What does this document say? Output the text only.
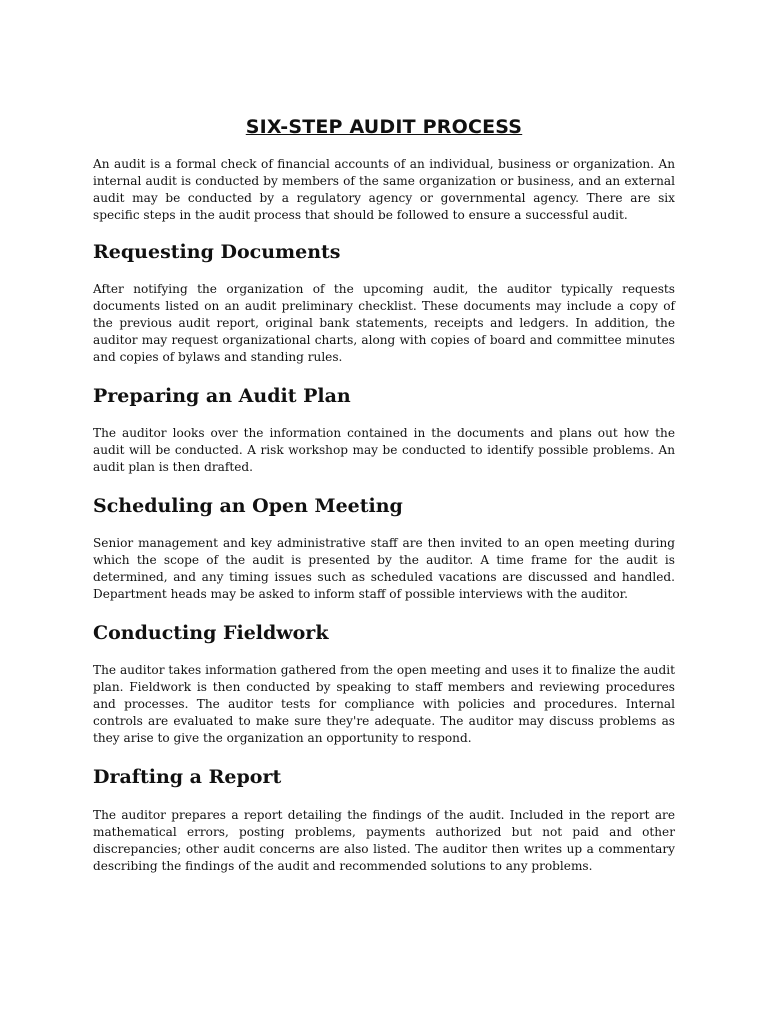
SIX-STEP AUDIT PROCESS

An audit is a formal check of financial accounts of an individual, business or organization. An internal audit is conducted by members of the same organization or business, and an external audit may be conducted by a regulatory agency or governmental agency. There are six specific steps in the audit process that should be followed to ensure a successful audit.

Requesting Documents

After notifying the organization of the upcoming audit, the auditor typically requests documents listed on an audit preliminary checklist. These documents may include a copy of the previous audit report, original bank statements, receipts and ledgers. In addition, the auditor may request organizational charts, along with copies of board and committee minutes and copies of bylaws and standing rules.

Preparing an Audit Plan

The auditor looks over the information contained in the documents and plans out how the audit will be conducted. A risk workshop may be conducted to identify possible problems. An audit plan is then drafted.

Scheduling an Open Meeting

Senior management and key administrative staff are then invited to an open meeting during which the scope of the audit is presented by the auditor. A time frame for the audit is determined, and any timing issues such as scheduled vacations are discussed and handled. Department heads may be asked to inform staff of possible interviews with the auditor.

Conducting Fieldwork

The auditor takes information gathered from the open meeting and uses it to finalize the audit plan. Fieldwork is then conducted by speaking to staff members and reviewing procedures and processes. The auditor tests for compliance with policies and procedures. Internal controls are evaluated to make sure they're adequate. The auditor may discuss problems as they arise to give the organization an opportunity to respond.

Drafting a Report

The auditor prepares a report detailing the findings of the audit. Included in the report are mathematical errors, posting problems, payments authorized but not paid and other discrepancies; other audit concerns are also listed. The auditor then writes up a commentary describing the findings of the audit and recommended solutions to any problems.
